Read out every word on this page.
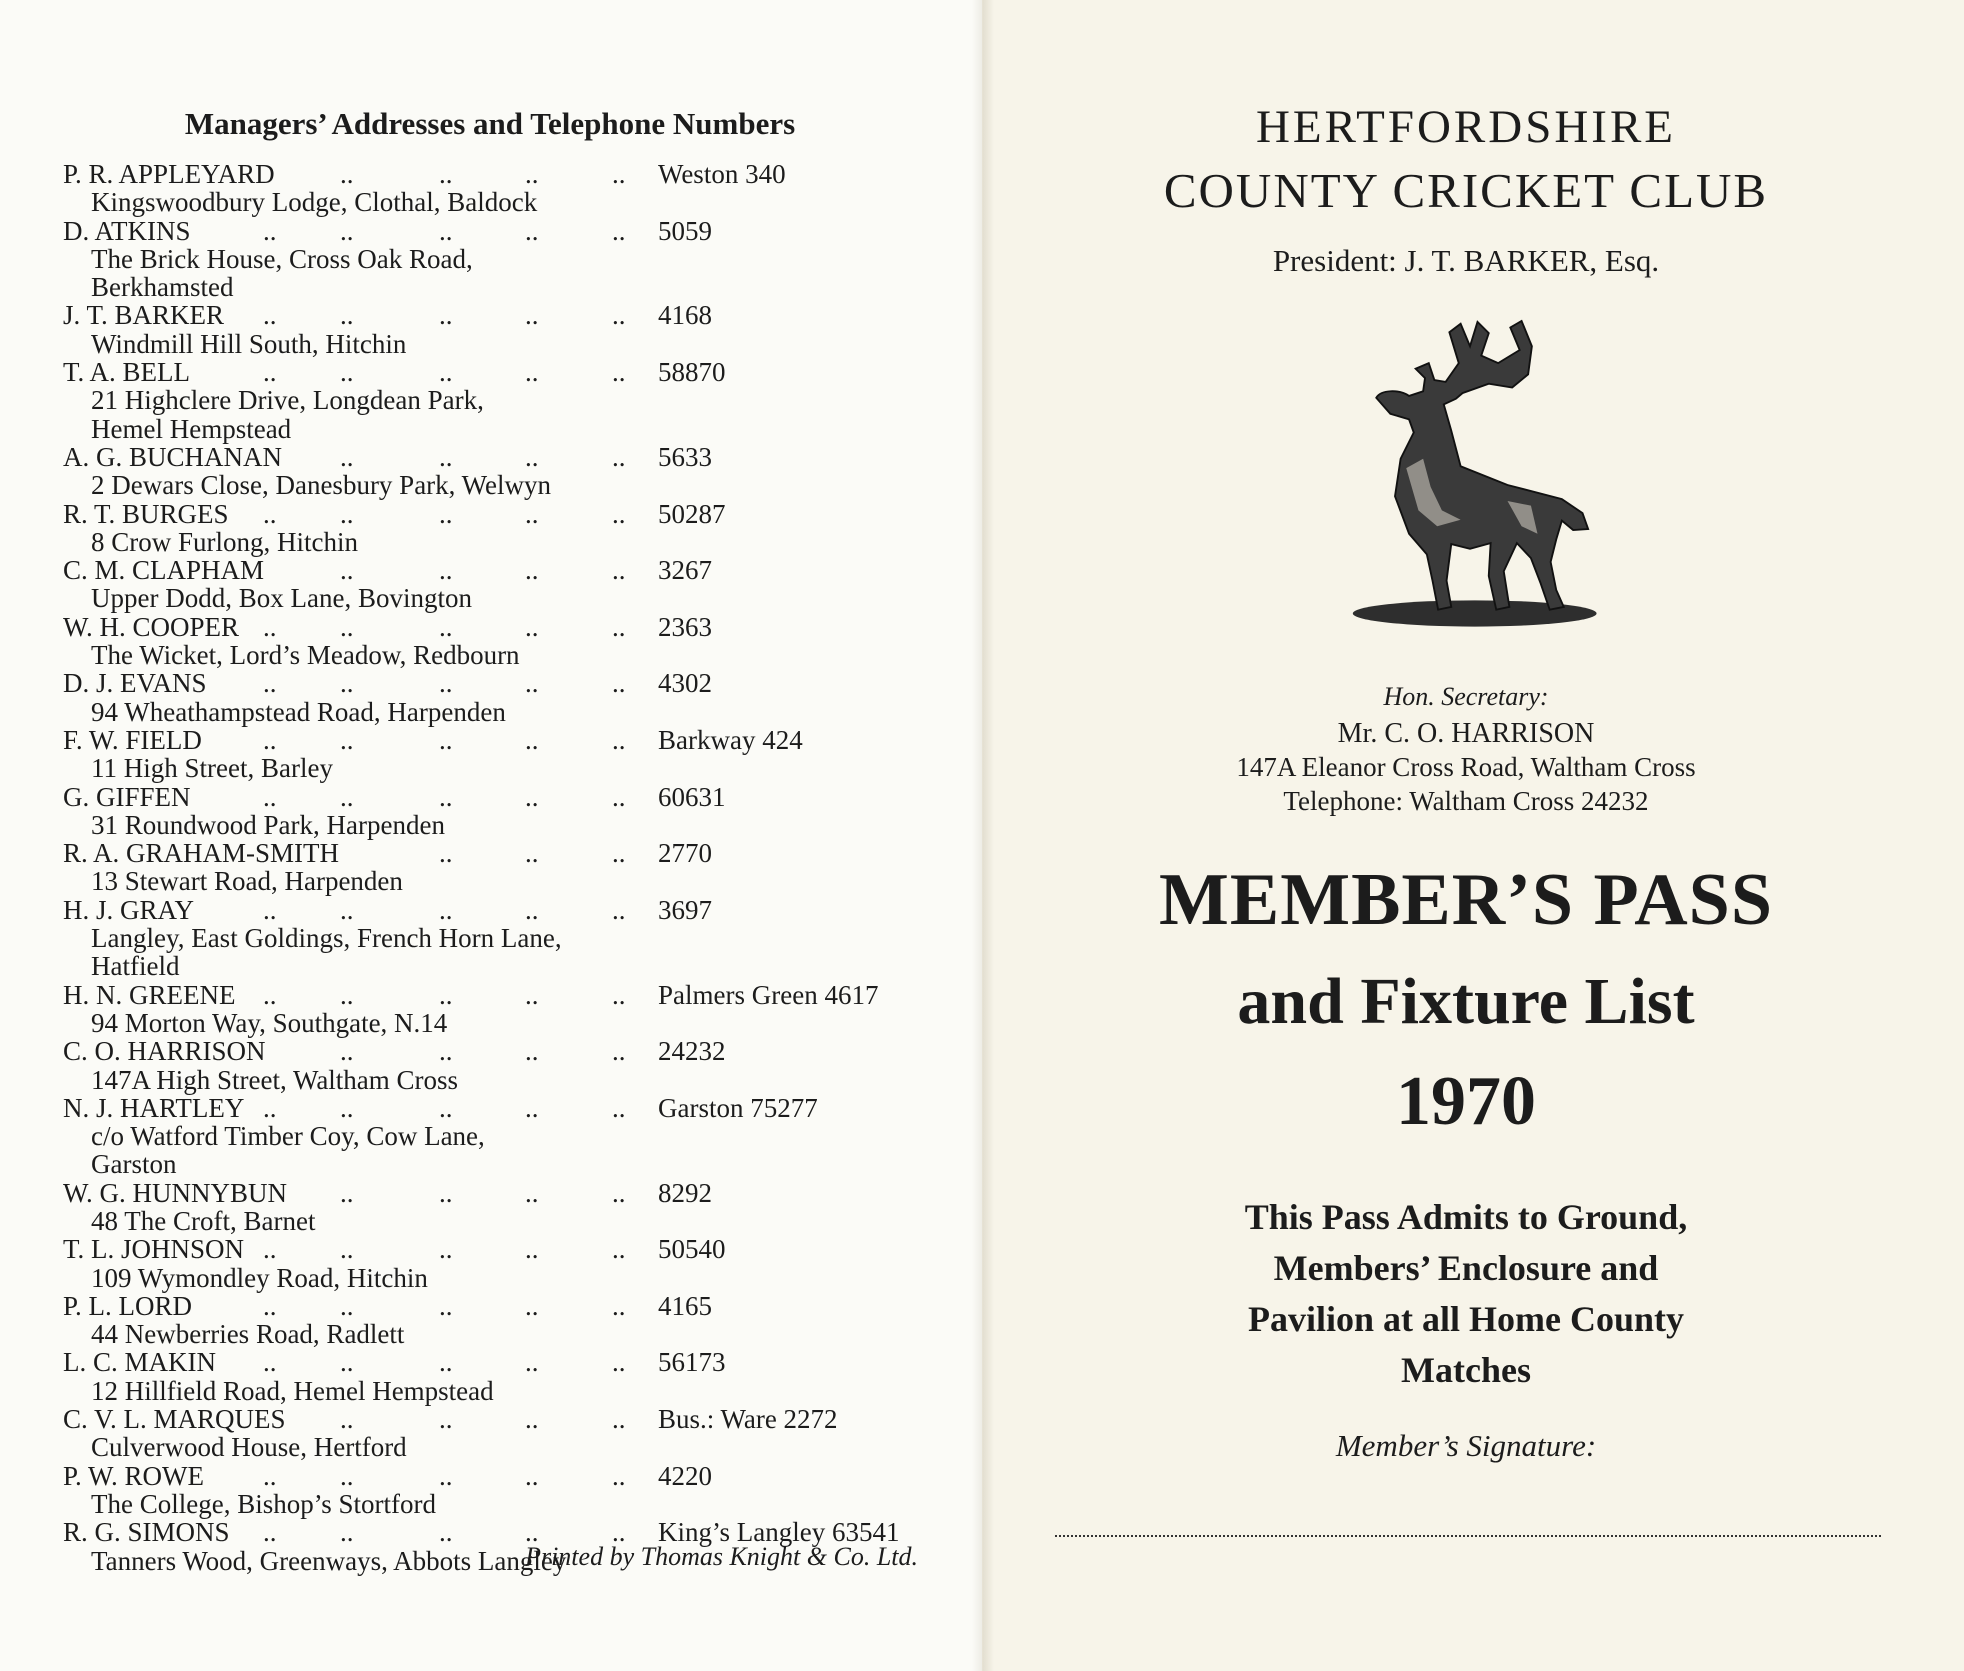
Managers’ Addresses and Telephone Numbers
P. R. APPLEYARD ..	..	..	.. Weston 340
Kingswoodbury Lodge, Clothal, Baldock
D. ATKINS	.. ..	..	..	.. 5059
The Brick House, Cross Oak Road,
Berkhamsted
J. T. BARKER .. ..	..	..	.. 4168
Windmill Hill South, Hitchin
T. A. BELL	.. ..	..	..	.. 58870
21 Highclere Drive, Longdean Park,
Hemel Hempstead
A. G. BUCHANAN ..	..	..	.. 5633
2 Dewars Close, Danesbury Park, Welwyn
R. T. BURGES .. ..	..	..	.. 50287
8 Crow Furlong, Hitchin
C. M. CLAPHAM	..	..	..	.. 3267
Upper Dodd, Box Lane, Bovington
W. H. COOPER .. ..	..	..	.. 2363
The Wicket, Lord’s Meadow, Redbourn
D. J. EVANS .. ..	..	..	.. 4302
94 Wheathampstead Road, Harpenden
F. W. FIELD .. ..	..	..	.. Barkway 424
11 High Street, Barley
G. GIFFEN	.. ..	..	..	.. 60631
31 Roundwood Park, Harpenden
R. A. GRAHAM-SMITH	..	..	.. 2770
13 Stewart Road, Harpenden
H. J. GRAY	.. ..	..	..	.. 3697
Langley, East Goldings, French Horn Lane,
Hatfield
H. N. GREENE .. ..	..	..	.. Palmers Green 4617
94 Morton Way, Southgate, N.14
C. O. HARRISON	..	..	..	.. 24232
147A High Street, Waltham Cross
N. J. HARTLEY .. ..	..	..	.. Garston 75277
c/o Watford Timber Coy, Cow Lane,
Garston
W. G. HUNNYBUN ..	..	..	.. 8292
48 The Croft, Barnet
T. L. JOHNSON .. ..	..	..	.. 50540
109 Wymondley Road, Hitchin
P. L. LORD	.. ..	..	..	.. 4165
44 Newberries Road, Radlett
L. C. MAKIN .. ..	..	..	.. 56173
12 Hillfield Road, Hemel Hempstead
C. V. L. MARQUES ..	..	..	.. Bus.: Ware 2272
Culverwood House, Hertford
P. W. ROWE .. ..	..	..	.. 4220
The College, Bishop’s Stortford
R. G. SIMONS .. ..	..	..	.. King’s Langley 63541
Tanners Wood, Greenways, Abbots Langley
Printed by Thomas Knight & Co. Ltd.
HERTFORDSHIRE
COUNTY CRICKET CLUB
President: J. T. BARKER, Esq.
Hon. Secretary:
Mr. C. O. HARRISON
147A Eleanor Cross Road, Waltham Cross
Telephone: Waltham Cross 24232
MEMBER’S PASS
and Fixture List
1970
This Pass Admits to Ground,
Members’ Enclosure and
Pavilion at all Home County
Matches
Member’s Signature:
